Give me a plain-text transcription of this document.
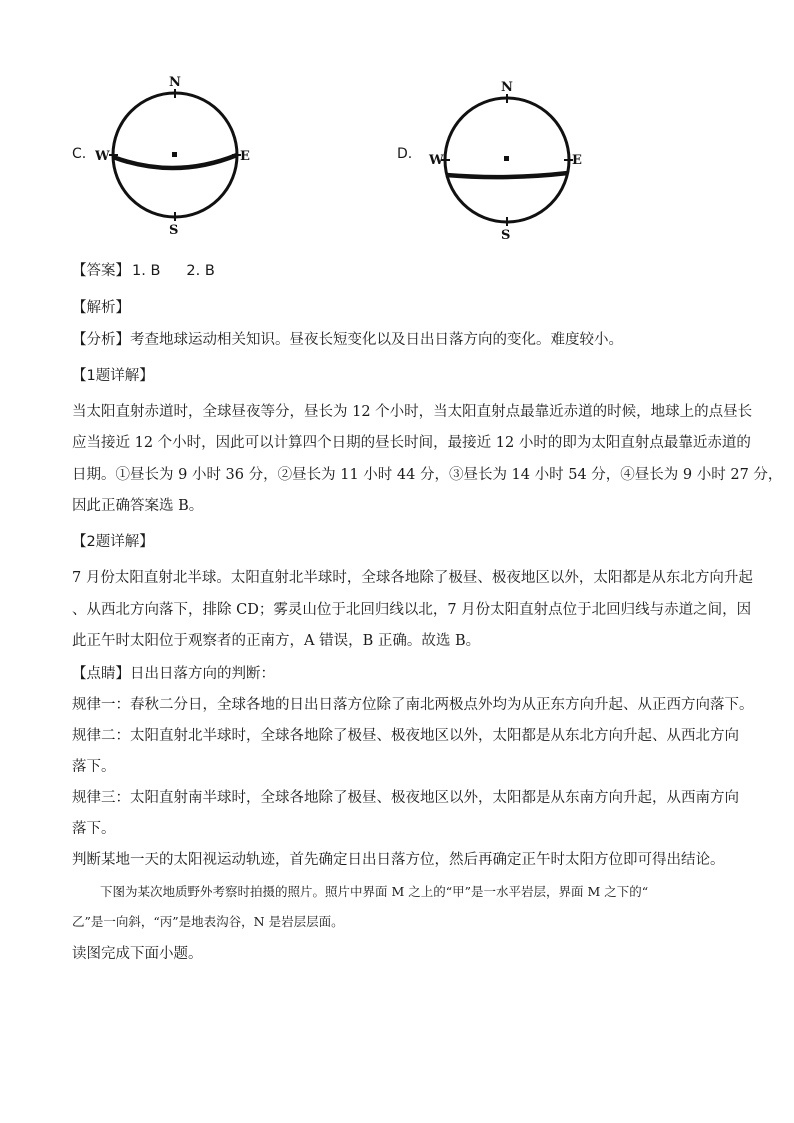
C.
N
S
W	E	D.
N
S
W	E
【答案】 1. B 2. B
【解析】
【分析】考查地球运动相关知识。昼夜长短变化以及日出日落方向的变化。难度较小。
【1题详解】
当太阳直射赤道时，全球昼夜等分，昼长为 12 个小时，当太阳直射点最靠近赤道的时候，地球上的点昼长
应当接近 12 个小时，因此可以计算四个日期的昼长时间，最接近 12 小时的即为太阳直射点最靠近赤道的
日期。①昼长为 9 小时 36 分，②昼长为 11 小时 44 分，③昼长为 14 小时 54 分，④昼长为 9 小时 27 分，
因此正确答案选 B。
【2题详解】
7 月份太阳直射北半球。太阳直射北半球时，全球各地除了极昼、极夜地区以外，太阳都是从东北方向升起
、从西北方向落下，排除 CD；雾灵山位于北回归线以北，7 月份太阳直射点位于北回归线与赤道之间，因
此正午时太阳位于观察者的正南方，A 错误，B 正确。故选 B。
【点睛】日出日落方向的判断：
规律一：春秋二分日，全球各地的日出日落方位除了南北两极点外均为从正东方向升起、从正西方向落下。
规律二：太阳直射北半球时，全球各地除了极昼、极夜地区以外，太阳都是从东北方向升起、从西北方向
落下。
规律三：太阳直射南半球时，全球各地除了极昼、极夜地区以外，太阳都是从东南方向升起，从西南方向
落下。
判断某地一天的太阳视运动轨迹，首先确定日出日落方位，然后再确定正午时太阳方位即可得出结论。
下图为某次地质野外考察时拍摄的照片。照片中界面 M 之上的“甲”是一水平岩层，界面 M 之下的“
乙”是一向斜，“丙”是地表沟谷，N 是岩层层面。
读图完成下面小题。
